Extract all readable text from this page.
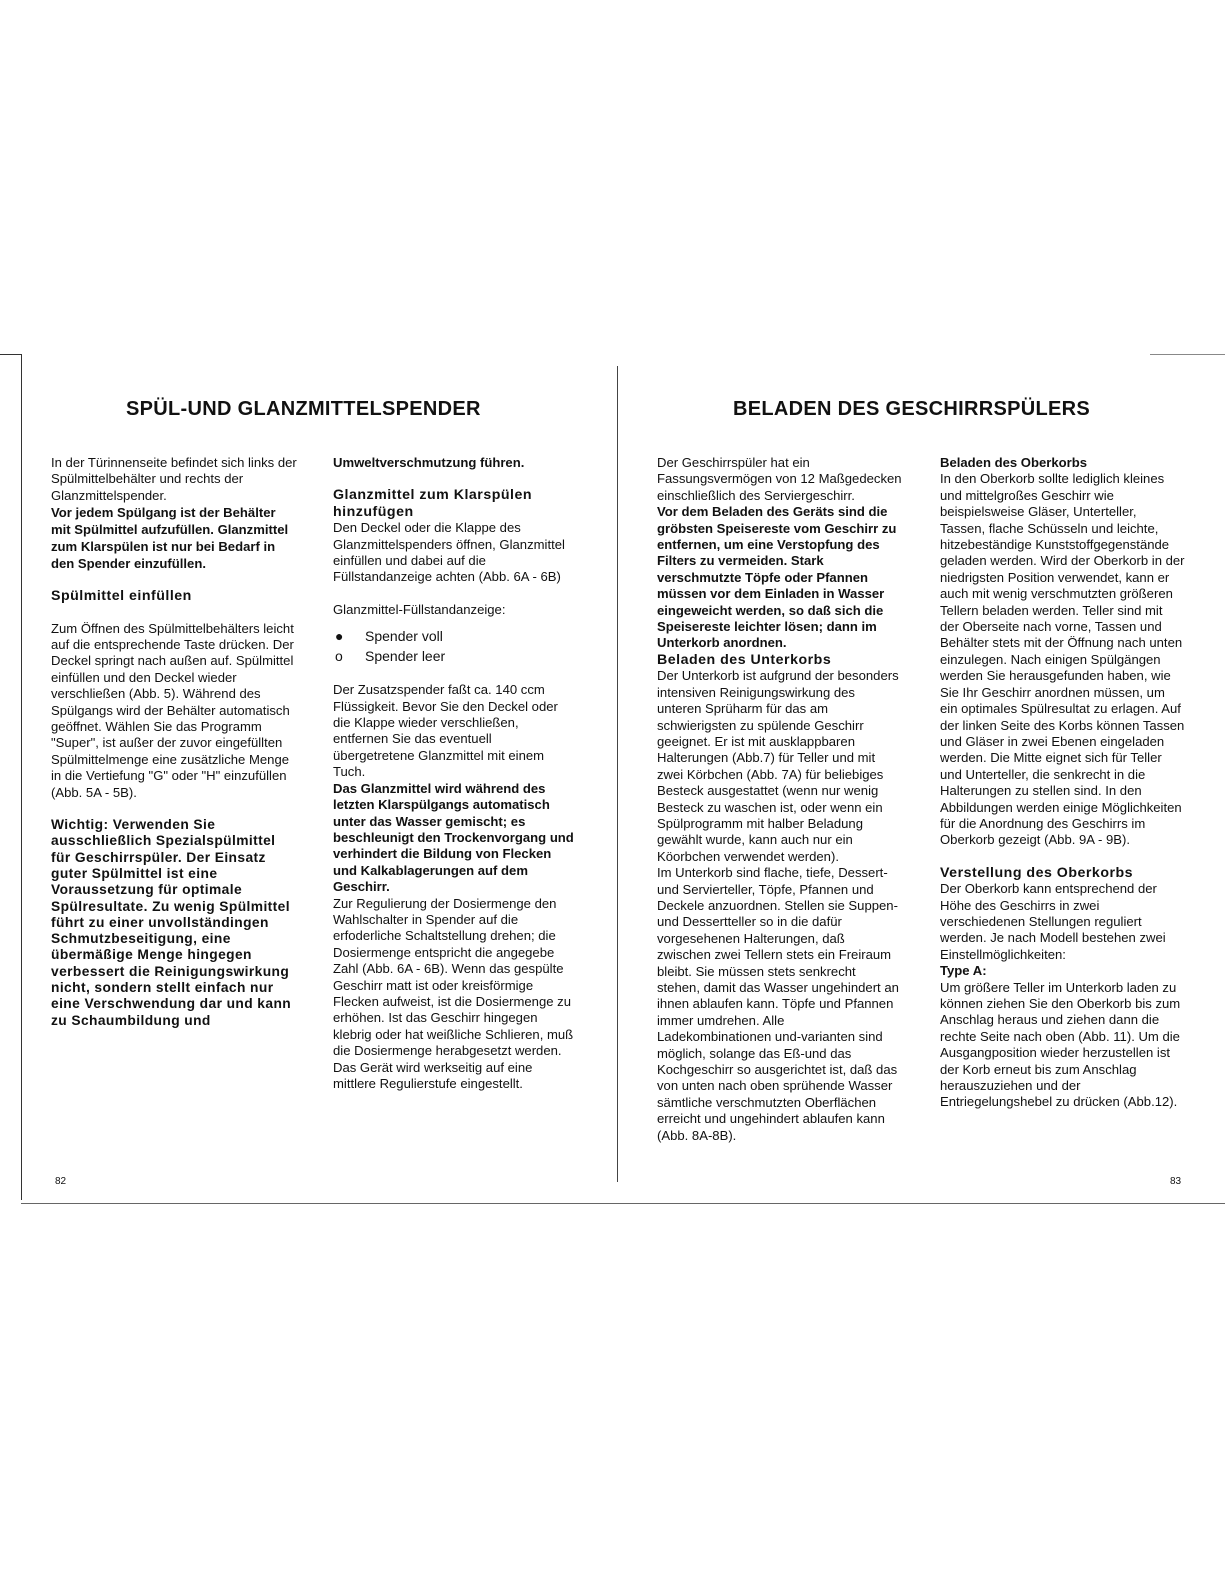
SPÜL-UND GLANZMITTELSPENDER

In der Türinnenseite befindet sich links der Spülmittelbehälter und rechts der Glanzmittelspender.

Vor jedem Spülgang ist der Behälter mit Spülmittel aufzufüllen. Glanzmittel zum Klarspülen ist nur bei Bedarf in den Spender einzufüllen.

Spülmittel einfüllen

Zum Öffnen des Spülmittelbehälters leicht auf die entsprechende Taste drücken. Der Deckel springt nach außen auf. Spülmittel einfüllen und den Deckel wieder verschließen (Abb. 5). Während des Spülgangs wird der Behälter automatisch geöffnet. Wählen Sie das Programm "Super", ist außer der zuvor eingefüllten Spülmittelmenge eine zusätzliche Menge in die Vertiefung "G" oder "H" einzufüllen (Abb. 5A - 5B).

Wichtig: Verwenden Sie ausschließlich Spezialspülmittel für Geschirrspüler. Der Einsatz guter Spülmittel ist eine Voraussetzung für optimale Spülresultate. Zu wenig Spülmittel führt zu einer unvollständingen Schmutzbeseitigung, eine übermäßige Menge hingegen verbessert die Reinigungswirkung nicht, sondern stellt einfach nur eine Verschwendung dar und kann zu Schaumbildung und

Umweltverschmutzung führen.

Glanzmittel zum Klarspülen hinzufügen

Den Deckel oder die Klappe des Glanzmittelspenders öffnen, Glanzmittel einfüllen und dabei auf die Füllstandanzeige achten (Abb. 6A - 6B)

Glanzmittel-Füllstandanzeige:

●	Spender voll
o	Spender leer

Der Zusatzspender faßt ca. 140 ccm Flüssigkeit. Bevor Sie den Deckel oder die Klappe wieder verschließen, entfernen Sie das eventuell übergetretene Glanzmittel mit einem Tuch.

Das Glanzmittel wird während des letzten Klarspülgangs automatisch unter das Wasser gemischt; es beschleunigt den Trockenvorgang und verhindert die Bildung von Flecken und Kalkablagerungen auf dem Geschirr.

Zur Regulierung der Dosiermenge den Wahlschalter in Spender auf die erfoderliche Schaltstellung drehen; die Dosiermenge entspricht die angegebe Zahl (Abb. 6A - 6B). Wenn das gespülte Geschirr matt ist oder kreisförmige Flecken aufweist, ist die Dosiermenge zu erhöhen. Ist das Geschirr hingegen klebrig oder hat weißliche Schlieren, muß die Dosiermenge herabgesetzt werden. Das Gerät wird werkseitig auf eine mittlere Regulierstufe eingestellt.

82
BELADEN DES GESCHIRRSPÜLERS

Der Geschirrspüler hat ein Fassungsvermögen von 12 Maßgedecken einschließlich des Serviergeschirr.

Vor dem Beladen des Geräts sind die gröbsten Speisereste vom Geschirr zu entfernen, um eine Verstopfung des Filters zu vermeiden. Stark verschmutzte Töpfe oder Pfannen müssen vor dem Einladen in Wasser eingeweicht werden, so daß sich die Speisereste leichter lösen; dann im Unterkorb anordnen.

Beladen des Unterkorbs

Der Unterkorb ist aufgrund der besonders intensiven Reinigungswirkung des unteren Sprüharm für das am schwierigsten zu spülende Geschirr geeignet. Er ist mit ausklappbaren Halterungen (Abb.7) für Teller und mit zwei Körbchen (Abb. 7A) für beliebiges Besteck ausgestattet (wenn nur wenig Besteck zu waschen ist, oder wenn ein Spülprogramm mit halber Beladung gewählt wurde, kann auch nur ein Köorbchen verwendet werden).

Im Unterkorb sind flache, tiefe, Dessert-und Servierteller, Töpfe, Pfannen und Deckele anzuordnen. Stellen sie Suppen-und Dessertteller so in die dafür vorgesehenen Halterungen, daß zwischen zwei Tellern stets ein Freiraum bleibt. Sie müssen stets senkrecht stehen, damit das Wasser ungehindert an ihnen ablaufen kann. Töpfe und Pfannen immer umdrehen. Alle Ladekombinationen und-varianten sind möglich, solange das Eß-und das Kochgeschirr so ausgerichtet ist, daß das von unten nach oben sprühende Wasser sämtliche verschmutzten Oberflächen erreicht und ungehindert ablaufen kann (Abb. 8A-8B).

Beladen des Oberkorbs

In den Oberkorb sollte lediglich kleines und mittelgroßes Geschirr wie beispielsweise Gläser, Unterteller, Tassen, flache Schüsseln und leichte, hitzebeständige Kunststoffgegenstände geladen werden. Wird der Oberkorb in der niedrigsten Position verwendet, kann er auch mit wenig verschmutzten größeren Tellern beladen werden. Teller sind mit der Oberseite nach vorne, Tassen und Behälter stets mit der Öffnung nach unten einzulegen. Nach einigen Spülgängen werden Sie herausgefunden haben, wie Sie Ihr Geschirr anordnen müssen, um ein optimales Spülresultat zu erlagen. Auf der linken Seite des Korbs können Tassen und Gläser in zwei Ebenen eingeladen werden. Die Mitte eignet sich für Teller und Unterteller, die senkrecht in die Halterungen zu stellen sind. In den Abbildungen werden einige Möglichkeiten für die Anordnung des Geschirrs im Oberkorb gezeigt (Abb. 9A - 9B).

Verstellung des Oberkorbs

Der Oberkorb kann entsprechend der Höhe des Geschirrs in zwei verschiedenen Stellungen reguliert werden. Je nach Modell bestehen zwei Einstellmöglichkeiten:

Type A:

Um größere Teller im Unterkorb laden zu können ziehen Sie den Oberkorb bis zum Anschlag heraus und ziehen dann die rechte Seite nach oben (Abb. 11). Um die Ausgangposition wieder herzustellen ist der Korb erneut bis zum Anschlag herauszuziehen und der Entriegelungshebel zu drücken (Abb.12).

83
